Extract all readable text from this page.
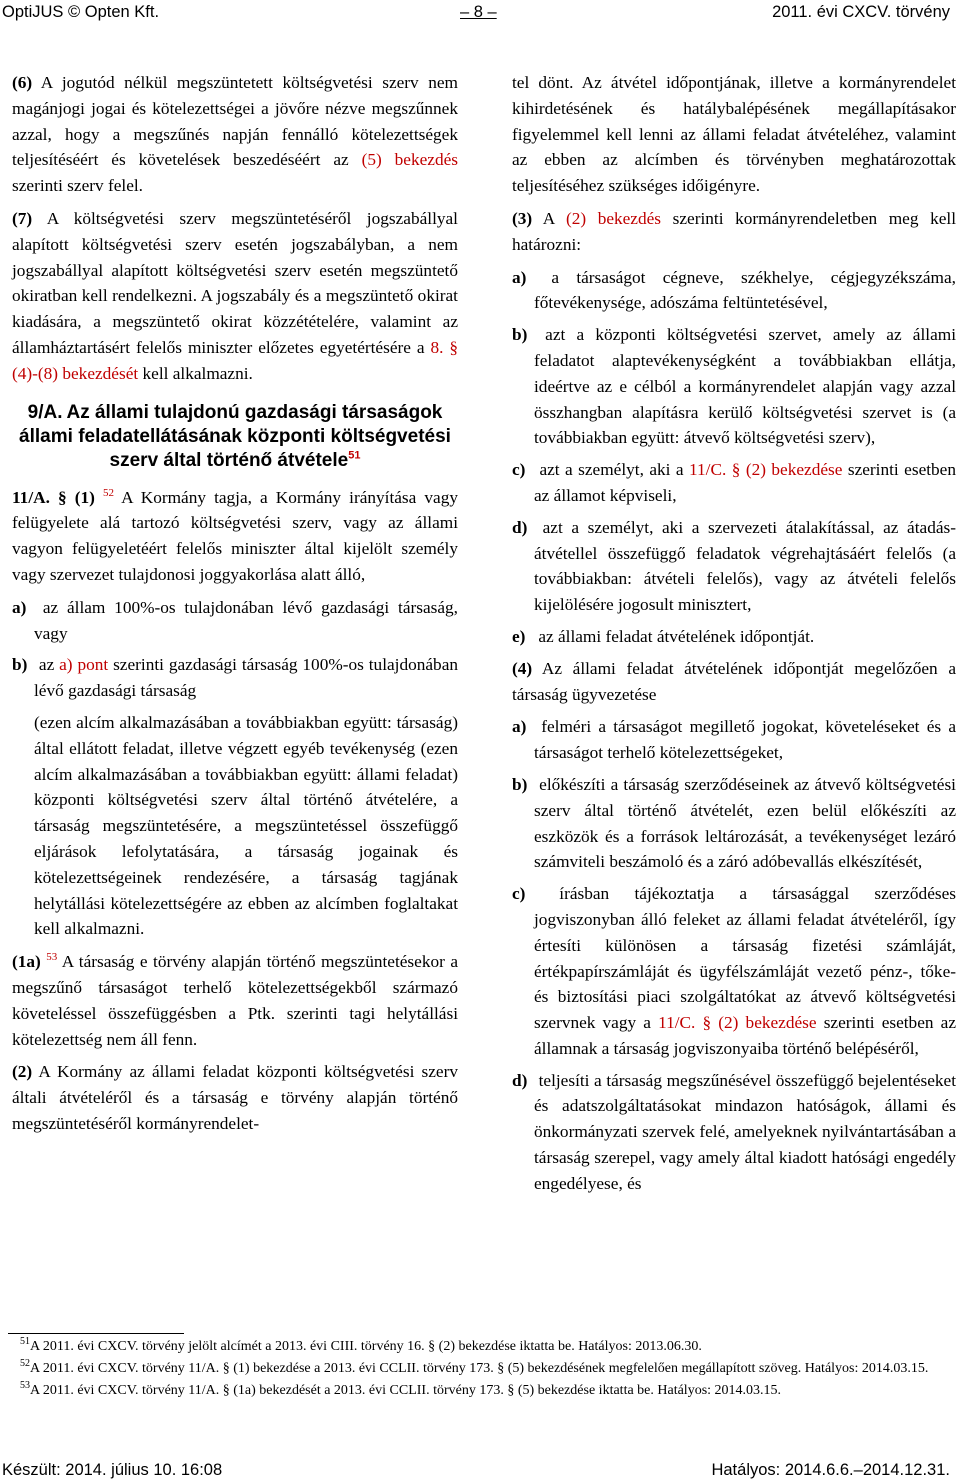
OptiJUS © Opten Kft.	– 8 –	2011. évi CXCV. törvény

(6) A jogutód nélkül megszüntetett költségvetési szerv nem magánjogi jogai és kötelezettségei a jövőre nézve megszűnnek azzal, hogy a megszűnés napján fennálló kötelezettségek teljesítéséért és követelések beszedéséért az (5) bekezdés szerinti szerv felel.

(7) A költségvetési szerv megszüntetéséről jogszabállyal alapított költségvetési szerv esetén jogszabályban, a nem jogszabállyal alapított költségvetési szerv esetén megszüntető okiratban kell rendelkezni. A jogszabály és a megszüntető okirat kiadására, a megszüntető okirat közzétételére, valamint az államháztartásért felelős miniszter előzetes egyetértésére a 8. § (4)-(8) bekezdését kell alkalmazni.

9/A. Az állami tulajdonú gazdasági társaságok állami feladatellátásának központi költségvetési szerv által történő átvétele$^{51}$

11/A. § (1) $^{52}$ A Kormány tagja, a Kormány irányítása vagy felügyelete alá tartozó költségvetési szerv, vagy az állami vagyon felügyeletéért felelős miniszter által kijelölt személy vagy szervezet tulajdonosi joggyakorlása alatt álló,

a) az állam 100%-os tulajdonában lévő gazdasági társaság, vagy

b) az a) pont szerinti gazdasági társaság 100%-os tulajdonában lévő gazdasági társaság

(ezen alcím alkalmazásában a továbbiakban együtt: társaság) által ellátott feladat, illetve végzett egyéb tevékenység (ezen alcím alkalmazásában a továbbiakban együtt: állami feladat) központi költségvetési szerv által történő átvételére, a társaság megszüntetésére, a megszüntetéssel összefüggő eljárások lefolytatására, a társaság jogainak és kötelezettségeinek rendezésére, a társaság tagjának helytállási kötelezettségére az ebben az alcímben foglaltakat kell alkalmazni.

(1a) $^{53}$ A társaság e törvény alapján történő megszüntetésekor a megszűnő társaságot terhelő kötelezettségekből származó követeléssel összefüggésben a Ptk. szerinti tagi helytállási kötelezettség nem áll fenn.

(2) A Kormány az állami feladat központi költségvetési szerv általi átvételéről és a társaság e törvény alapján történő megszüntetéséről kormányrendelet-

tel dönt. Az átvétel időpontjának, illetve a kormányrendelet kihirdetésének és hatálybalépésének megállapításakor figyelemmel kell lenni az állami feladat átvételéhez, valamint az ebben az alcímben és törvényben meghatározottak teljesítéséhez szükséges időigényre.

(3) A (2) bekezdés szerinti kormányrendeletben meg kell határozni:

a) a társaságot cégneve, székhelye, cégjegyzékszáma, főtevékenysége, adószáma feltüntetésével,

b) azt a központi költségvetési szervet, amely az állami feladatot alaptevékenységként a továbbiakban ellátja, ideértve az e célból a kormányrendelet alapján vagy azzal összhangban alapításra kerülő költségvetési szervet is (a továbbiakban együtt: átvevő költségvetési szerv),

c) azt a személyt, aki a 11/C. § (2) bekezdése szerinti esetben az államot képviseli,

d) azt a személyt, aki a szervezeti átalakítással, az átadás-átvétellel összefüggő feladatok végrehajtásáért felelős (a továbbiakban: átvételi felelős), vagy az átvételi felelős kijelölésére jogosult minisztert,

e) az állami feladat átvételének időpontját.

(4) Az állami feladat átvételének időpontját megelőzően a társaság ügyvezetése

a) felméri a társaságot megillető jogokat, követeléseket és a társaságot terhelő kötelezettségeket,

b) előkészíti a társaság szerződéseinek az átvevő költségvetési szerv által történő átvételét, ezen belül előkészíti az eszközök és a források leltározását, a tevékenységet lezáró számviteli beszámoló és a záró adóbevallás elkészítését,

c) írásban tájékoztatja a társasággal szerződéses jogviszonyban álló feleket az állami feladat átvételéről, így értesíti különösen a társaság fizetési számláját, értékpapírszámláját és ügyfélszámláját vezető pénz-, tőke- és biztosítási piaci szolgáltatókat az átvevő költségvetési szervnek vagy a 11/C. § (2) bekezdése szerinti esetben az államnak a társaság jogviszonyaiba történő belépéséről,

d) teljesíti a társaság megszűnésével összefüggő bejelentéseket és adatszolgáltatásokat mindazon hatóságok, állami és önkormányzati szervek felé, amelyeknek nyilvántartásában a társaság szerepel, vagy amely által kiadott hatósági engedély engedélyese, és

$^{51}$A 2011. évi CXCV. törvény jelölt alcímét a 2013. évi CIII. törvény 16. § (2) bekezdése iktatta be. Hatályos: 2013.06.30.
$^{52}$A 2011. évi CXCV. törvény 11/A. § (1) bekezdése a 2013. évi CCLII. törvény 173. § (5) bekezdésének megfelelően megállapított szöveg. Hatályos: 2014.03.15.
$^{53}$A 2011. évi CXCV. törvény 11/A. § (1a) bekezdését a 2013. évi CCLII. törvény 173. § (5) bekezdése iktatta be. Hatályos: 2014.03.15.
Készült: 2014. július 10. 16:08	Hatályos: 2014.6.6.–2014.12.31.
